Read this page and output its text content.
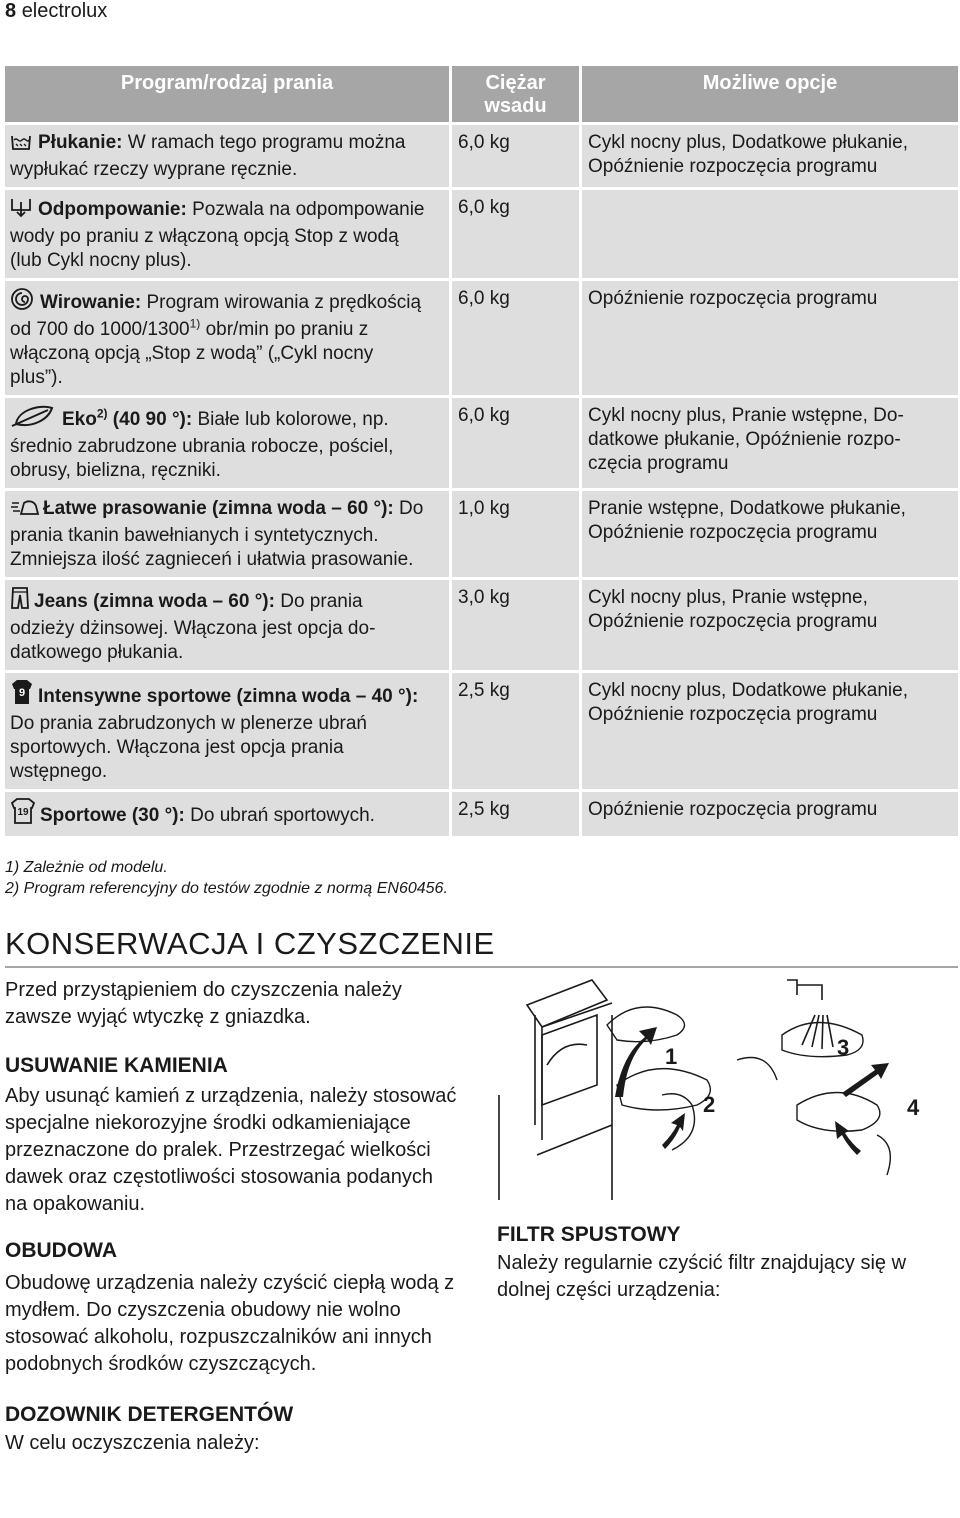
8 electrolux
Program/rodzaj prania	Ciężar wsadu	Możliwe opcje
Płukanie: W ramach tego programu można wypłukać rzeczy wyprane ręcznie.	6,0 kg	Cykl nocny plus, Dodatkowe płukanie, Opóźnienie rozpoczęcia programu
Odpompowanie: Pozwala na odpompowanie wody po praniu z włączoną opcją Stop z wodą (lub Cykl nocny plus).	6,0 kg	
Wirowanie: Program wirowania z prędkością od 700 do 1000/1300$^{1)}$ obr/min po praniu z włączoną opcją „Stop z wodą” („Cykl nocny plus”).	6,0 kg	Opóźnienie rozpoczęcia programu
Eko$^{2)}$ (40 90 °): Białe lub kolorowe, np. średnio zabrudzone ubrania robocze, pościel, obrusy, bielizna, ręczniki.	6,0 kg	Cykl nocny plus, Pranie wstępne, Dodatkowe płukanie, Opóźnienie rozpoczęcia programu
Łatwe prasowanie (zimna woda – 60 °): Do prania tkanin bawełnianych i syntetycznych. Zmniejsza ilość zagnieceń i ułatwia prasowanie.	1,0 kg	Pranie wstępne, Dodatkowe płukanie, Opóźnienie rozpoczęcia programu
Jeans (zimna woda – 60 °): Do prania odzieży dżinsowej. Włączona jest opcja dodatkowego płukania.	3,0 kg	Cykl nocny plus, Pranie wstępne, Opóźnienie rozpoczęcia programu

9 Intensywne sportowe (zimna woda – 40 °): Do prania zabrudzonych w plenerze ubrań sportowych. Włączona jest opcja prania wstępnego.	2,5 kg	Cykl nocny plus, Dodatkowe płukanie, Opóźnienie rozpoczęcia programu

19 Sportowe (30 °): Do ubrań sportowych.	2,5 kg	Opóźnienie rozpoczęcia programu
1) Zależnie od modelu.
2) Program referencyjny do testów zgodnie z normą EN60456.
KONSERWACJA I CZYSZCZENIE

Przed przystąpieniem do czyszczenia należy zawsze wyjąć wtyczkę z gniazdka.

USUWANIE KAMIENIA

Aby usunąć kamień z urządzenia, należy stosować specjalne niekorozyjne środki odkamieniające przeznaczone do pralek. Przestrzegać wielkości dawek oraz częstotliwości stosowania podanych na opakowaniu.

OBUDOWA

Obudowę urządzenia należy czyścić ciepłą wodą z mydłem. Do czyszczenia obudowy nie wolno stosować alkoholu, rozpuszczalników ani innych podobnych środków czyszczących.

DOZOWNIK DETERGENTÓW

W celu oczyszczenia należy:

1
2
3
4
FILTR SPUSTOWY

Należy regularnie czyścić filtr znajdujący się w dolnej części urządzenia:
